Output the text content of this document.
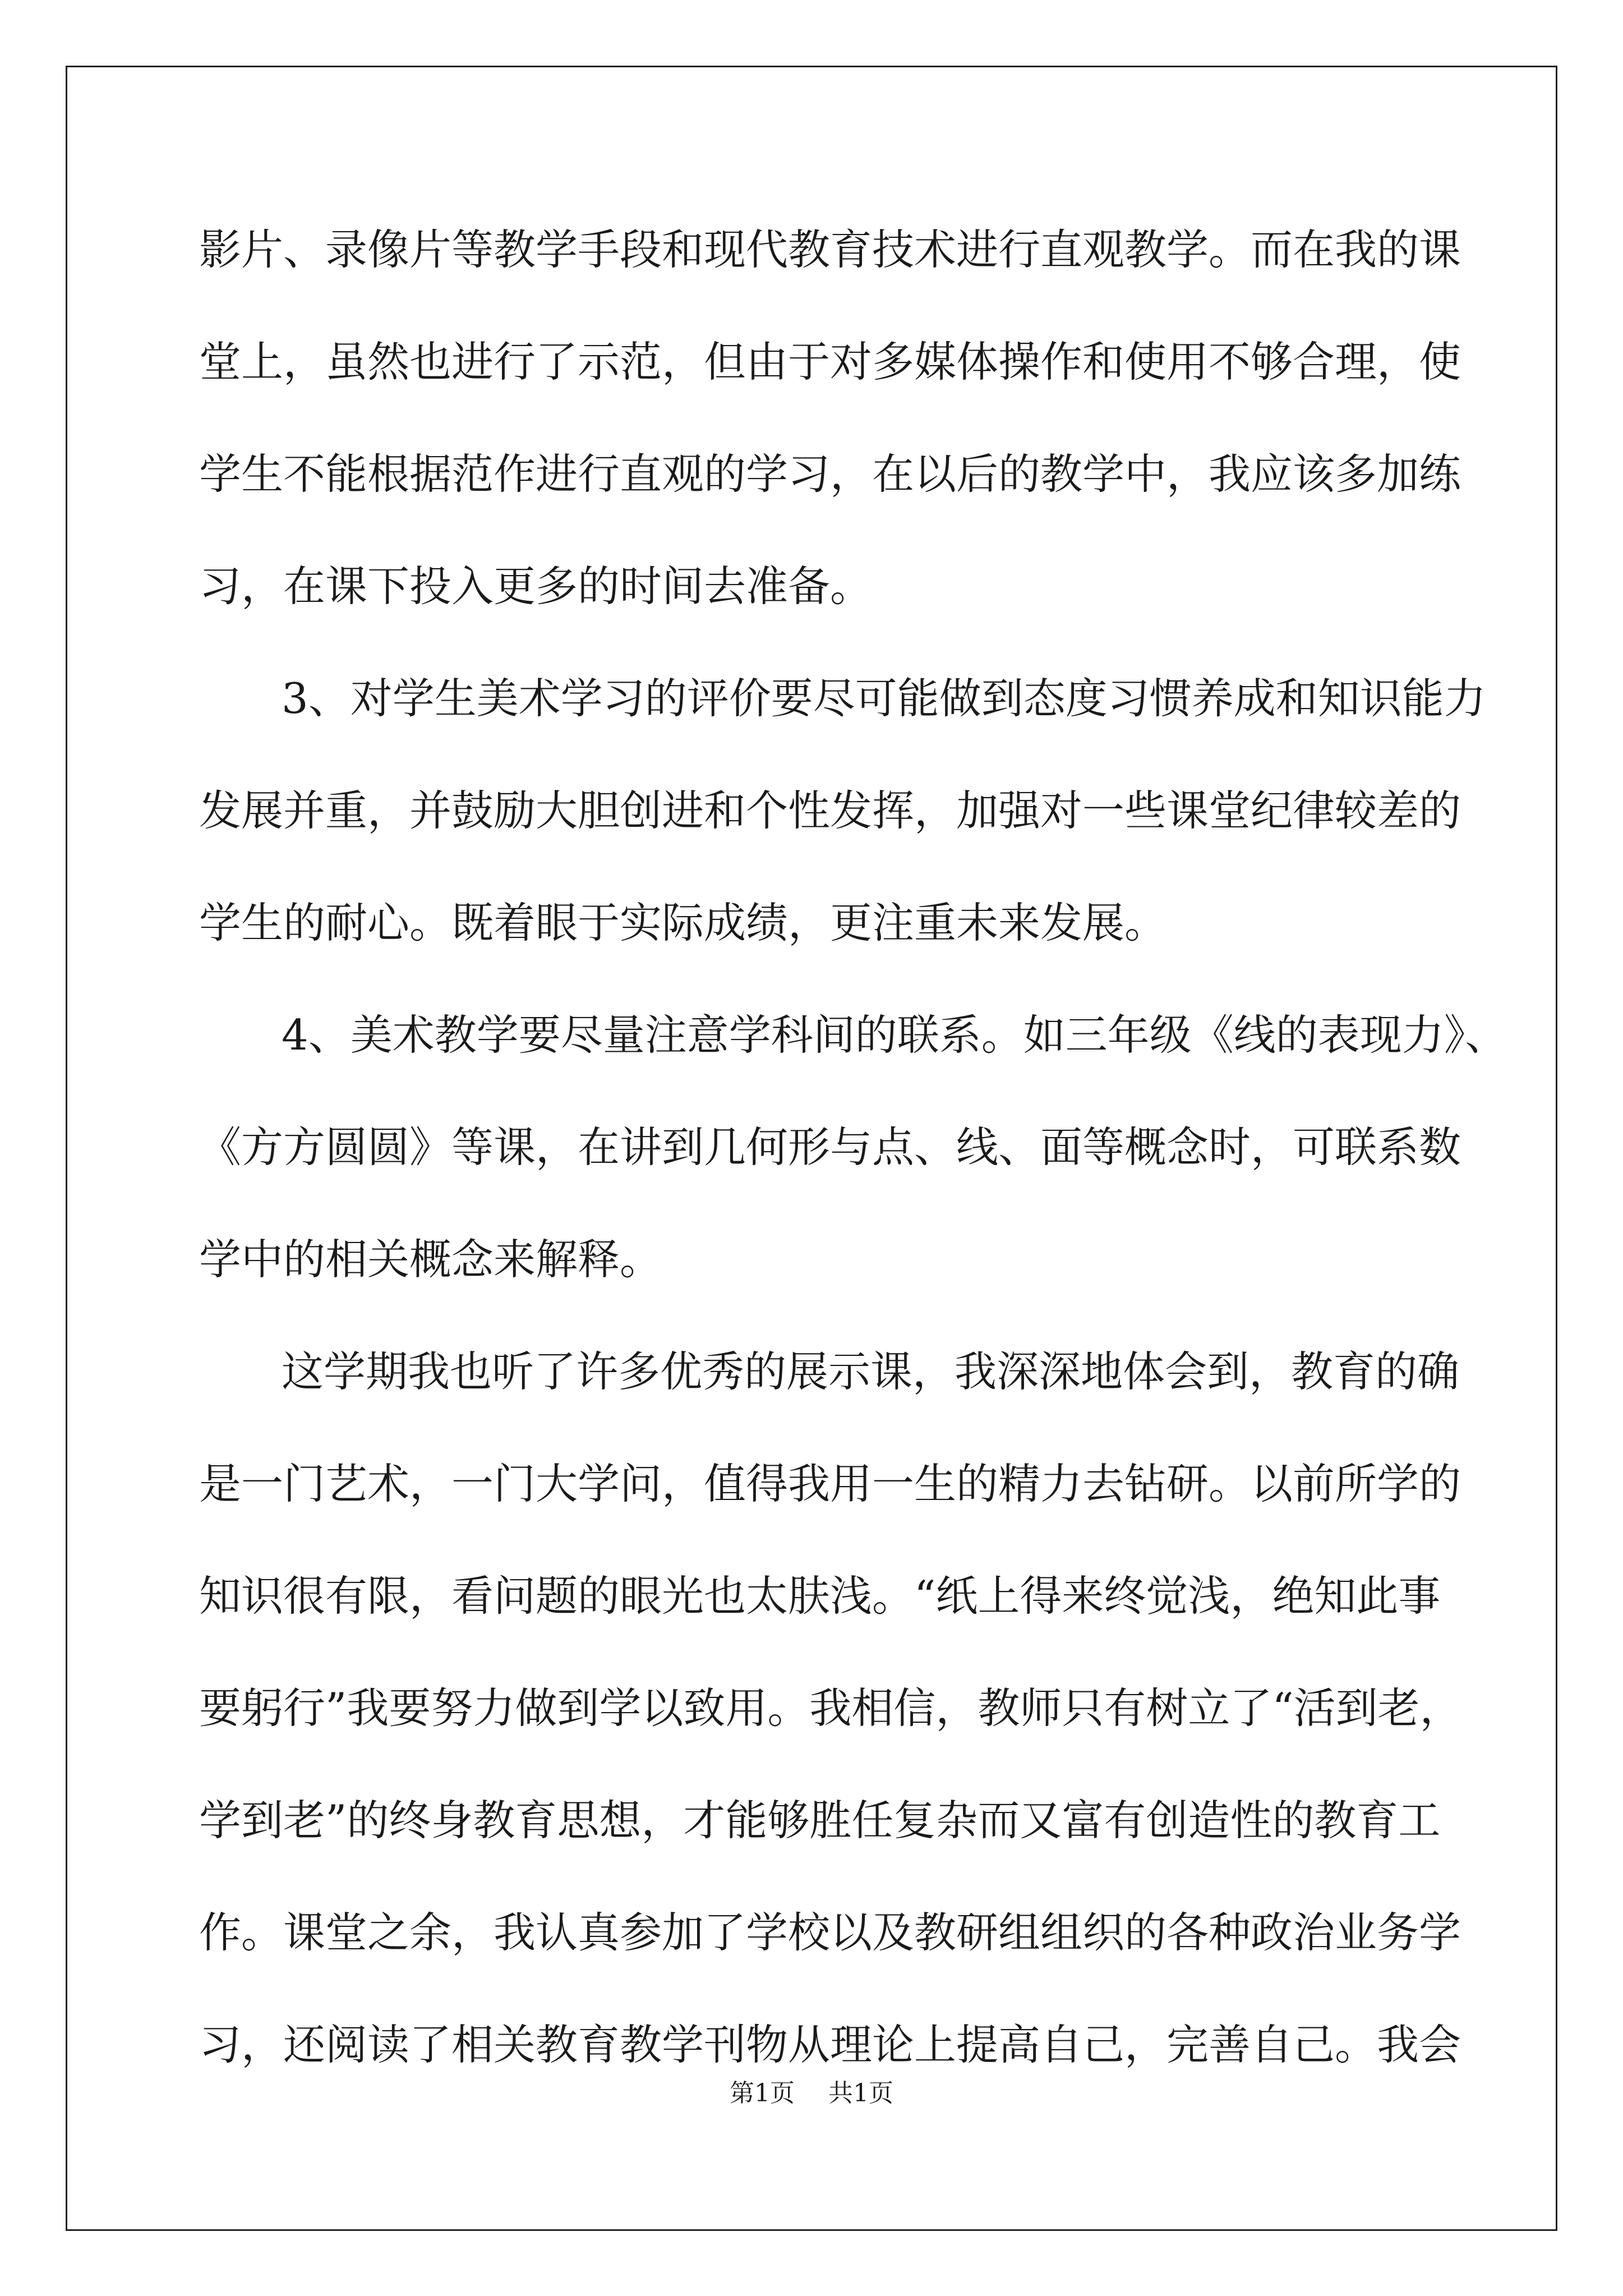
影片、录像片等教学手段和现代教育技术进行直观教学。而在我的课
堂上，虽然也进行了示范，但由于对多媒体操作和使用不够合理，使
学生不能根据范作进行直观的学习，在以后的教学中，我应该多加练
习，在课下投入更多的时间去准备。
3、对学生美术学习的评价要尽可能做到态度习惯养成和知识能力
发展并重，并鼓励大胆创进和个性发挥，加强对一些课堂纪律较差的
学生的耐心。既着眼于实际成绩，更注重未来发展。
4、美术教学要尽量注意学科间的联系。如三年级《线的表现力》、
《方方圆圆》等课，在讲到几何形与点、线、面等概念时，可联系数
学中的相关概念来解释。
这学期我也听了许多优秀的展示课，我深深地体会到，教育的确
是一门艺术，一门大学问，值得我用一生的精力去钻研。以前所学的
知识很有限，看问题的眼光也太肤浅。“纸上得来终觉浅，绝知此事
要躬行”我要努力做到学以致用。我相信，教师只有树立了“活到老，
学到老”的终身教育思想，才能够胜任复杂而又富有创造性的教育工
作。课堂之余，我认真参加了学校以及教研组组织的各种政治业务学
习，还阅读了相关教育教学刊物从理论上提高自己，完善自己。我会
第1页 共1页
